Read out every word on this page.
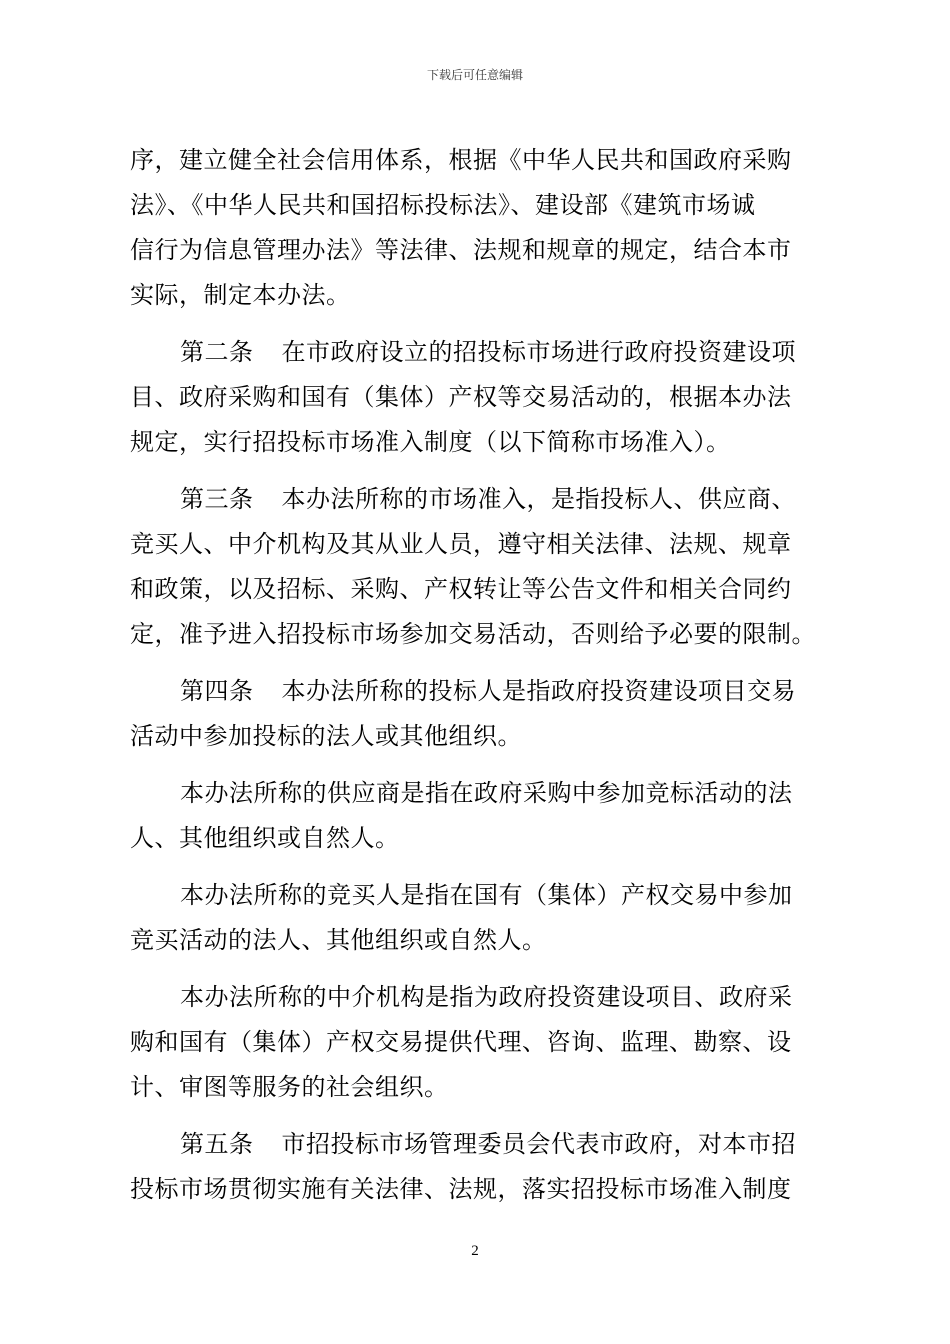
下载后可任意编辑
序，建立健全社会信用体系，根据《中华人民共和国政府采购
法》、《中华人民共和国招标投标法》、建设部《建筑市场诚
信行为信息管理办法》等法律、法规和规章的规定，结合本市
实际，制定本办法。
第二条 在市政府设立的招投标市场进行政府投资建设项
目、政府采购和国有（集体）产权等交易活动的，根据本办法
规定，实行招投标市场准入制度（以下简称市场准入）。
第三条 本办法所称的市场准入，是指投标人、供应商、
竞买人、中介机构及其从业人员，遵守相关法律、法规、规章
和政策，以及招标、采购、产权转让等公告文件和相关合同约
定，准予进入招投标市场参加交易活动，否则给予必要的限制。
第四条 本办法所称的投标人是指政府投资建设项目交易
活动中参加投标的法人或其他组织。
本办法所称的供应商是指在政府采购中参加竞标活动的法
人、其他组织或自然人。
本办法所称的竞买人是指在国有（集体）产权交易中参加
竞买活动的法人、其他组织或自然人。
本办法所称的中介机构是指为政府投资建设项目、政府采
购和国有（集体）产权交易提供代理、咨询、监理、勘察、设
计、审图等服务的社会组织。
第五条 市招投标市场管理委员会代表市政府，对本市招
投标市场贯彻实施有关法律、法规，落实招投标市场准入制度
2
